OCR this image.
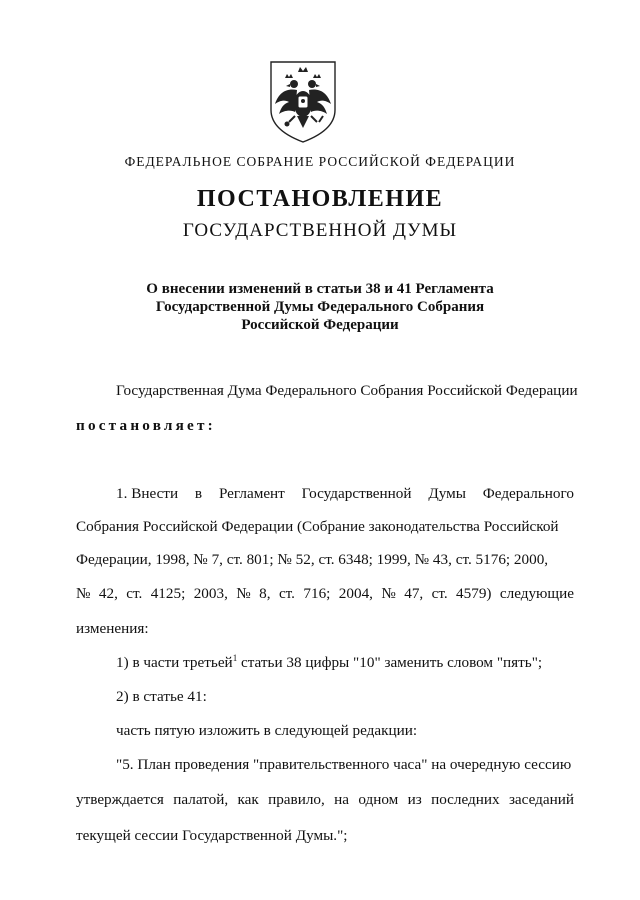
ФЕДЕРАЛЬНОЕ СОБРАНИЕ РОССИЙСКОЙ ФЕДЕРАЦИИ
ПОСТАНОВЛЕНИЕ
ГОСУДАРСТВЕННОЙ ДУМЫ
О внесении изменений в статьи 38 и 41 Регламента
Государственной Думы Федерального Собрания
Российской Федерации
Государственная Дума Федерального Собрания Российской Федерации
постановляет:
1. Внести в Регламент Государственной Думы Федерального
Собрания Российской Федерации (Собрание законодательства Российской
Федерации, 1998, № 7, ст. 801; № 52, ст. 6348; 1999, № 43, ст. 5176; 2000,
№ 42, ст. 4125; 2003, № 8, ст. 716; 2004, № 47, ст. 4579) следующие
изменения:
1) в части третьей$^1$ статьи 38 цифры "10" заменить словом "пять";
2) в статье 41:
часть пятую изложить в следующей редакции:
"5. План проведения "правительственного часа" на очередную сессию
утверждается палатой, как правило, на одном из последних заседаний
текущей сессии Государственной Думы.";
